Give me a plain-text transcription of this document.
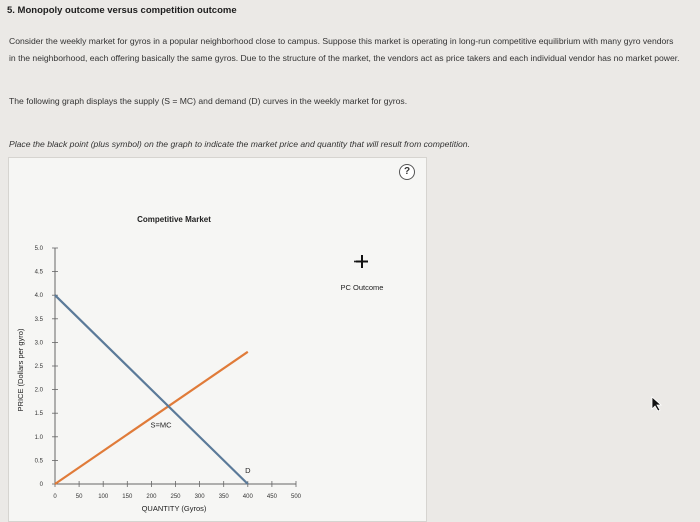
5. Monopoly outcome versus competition outcome
Consider the weekly market for gyros in a popular neighborhood close to campus. Suppose this market is operating in long-run competitive equilibrium with many gyro vendors in the neighborhood, each offering basically the same gyros. Due to the structure of the market, the vendors act as price takers and each individual vendor has no market power.
The following graph displays the supply (S = MC) and demand (D) curves in the weekly market for gyros.
Place the black point (plus symbol) on the graph to indicate the market price and quantity that will result from competition.
?
Competitive Market
0	50	100 150 200 250 300 350 400 450 500
0
0.5
1.0
1.5
2.0
2.5
3.0
3.5
4.0
4.5
5.0
S=MC
D
QUANTITY (Gyros)
PRICE (Dollars per gyro)
PC Outcome
